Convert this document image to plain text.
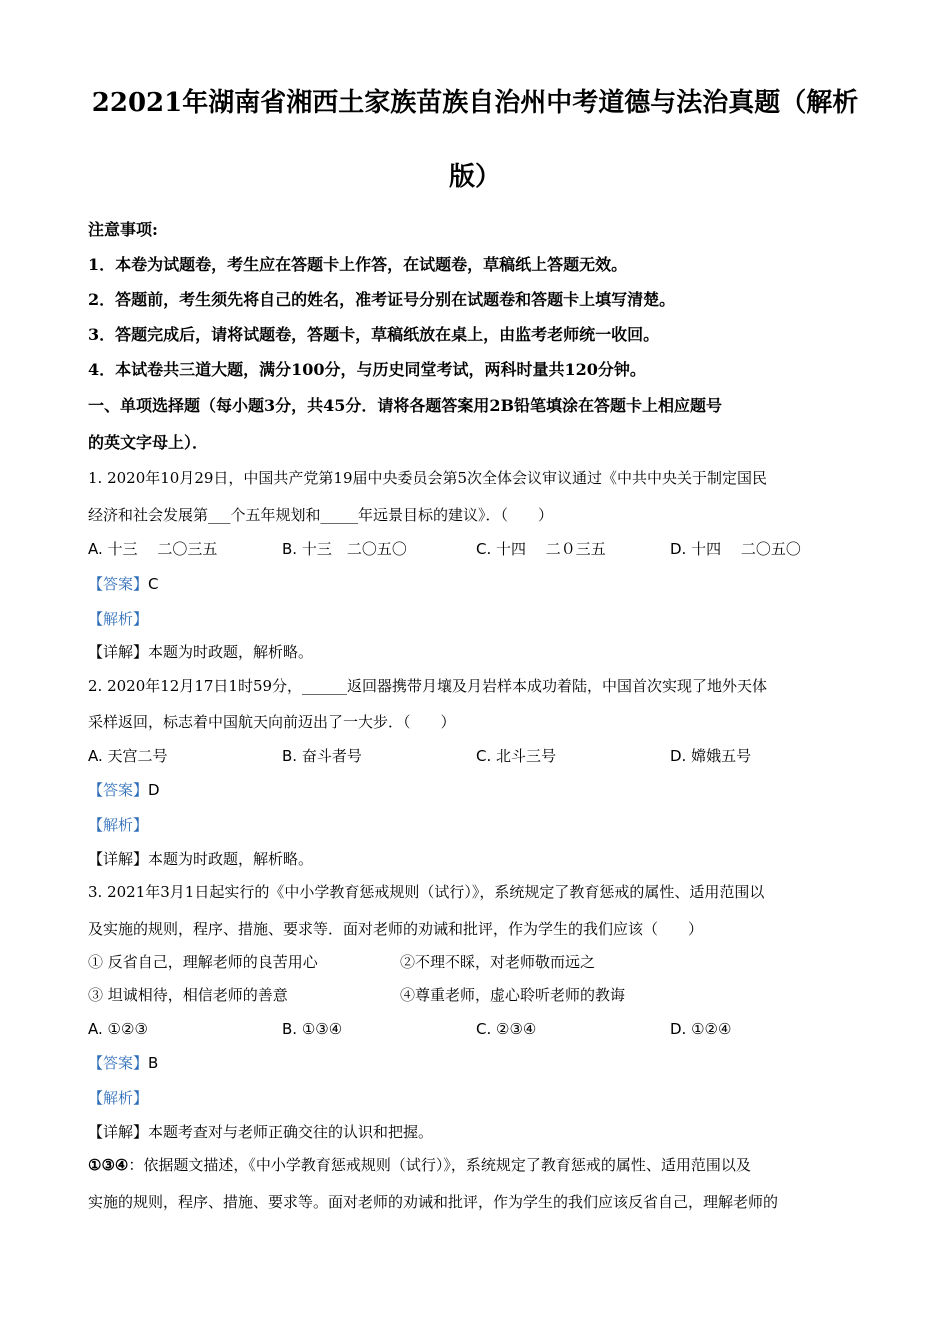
22021年湖南省湘西土家族苗族自治州中考道德与法治真题（解析
版）
注意事项:
1．本卷为试题卷，考生应在答题卡上作答，在试题卷，草稿纸上答题无效。
2．答题前，考生须先将自己的姓名，准考证号分别在试题卷和答题卡上填写清楚。
3．答题完成后，请将试题卷，答题卡，草稿纸放在桌上，由监考老师统一收回。
4．本试卷共三道大题，满分100分，与历史同堂考试，两科时量共120分钟。
一、单项选择题（每小题3分，共45分．请将各题答案用2B铅笔填涂在答题卡上相应题号
的英文字母上）．
1. 2020年10月29日，中国共产党第19届中央委员会第5次全体会议审议通过《中共中央关于制定国民
经济和社会发展第___个五年规划和_____年远景目标的建议》．（　　）
A. 十三　 二〇三五	B. 十三　二〇五〇	C. 十四　 二０三五	D. 十四　 二〇五〇
【答案】C
【解析】
【详解】本题为时政题，解析略。
2. 2020年12月17日1时59分，______返回器携带月壤及月岩样本成功着陆，中国首次实现了地外天体
采样返回，标志着中国航天向前迈出了一大步．（　　）
A. 天宫二号	B. 奋斗者号	C. 北斗三号	D. 嫦娥五号
【答案】D
【解析】
【详解】本题为时政题，解析略。
3. 2021年3月1日起实行的《中小学教育惩戒规则（试行）》，系统规定了教育惩戒的属性、适用范围以
及实施的规则，程序、措施、要求等．面对老师的劝诫和批评，作为学生的我们应该（　　）
① 反省自己，理解老师的良苦用心	②不理不睬，对老师敬而远之
③ 坦诚相待，相信老师的善意	④尊重老师，虚心聆听老师的教诲
A. ①②③	B. ①③④	C. ②③④	D. ①②④
【答案】B
【解析】
【详解】本题考查对与老师正确交往的认识和把握。
①③④：依据题文描述，《中小学教育惩戒规则（试行）》，系统规定了教育惩戒的属性、适用范围以及
实施的规则，程序、措施、要求等。面对老师的劝诫和批评，作为学生的我们应该反省自己，理解老师的
